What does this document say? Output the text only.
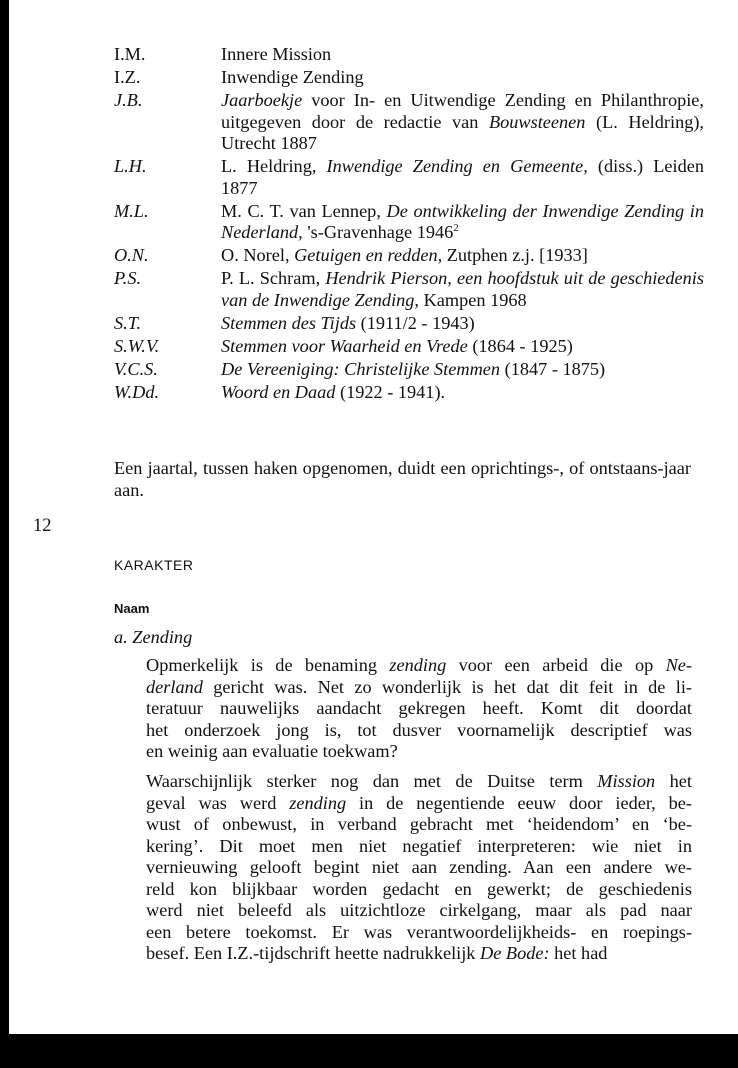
I.M.	Innere Mission
I.Z.	Inwendige Zending
J.B.	Jaarboekje voor In- en Uitwendige Zending en Philanthropie, uitgegeven door de redactie van Bouwsteenen (L. Heldring), Utrecht 1887
L.H.	L. Heldring, Inwendige Zending en Gemeente, (diss.) Leiden 1877
M.L.	M. C. T. van Lennep, De ontwikkeling der Inwendige Zending in Nederland, 's-Gravenhage 1946$^2$
O.N.	O. Norel, Getuigen en redden, Zutphen z.j. [1933]
P.S.	P. L. Schram, Hendrik Pierson, een hoofdstuk uit de geschiedenis van de Inwendige Zending, Kampen 1968
S.T.	Stemmen des Tijds (1911/2 - 1943)
S.W.V.	Stemmen voor Waarheid en Vrede (1864 - 1925)
V.C.S.	De Vereeniging: Christelijke Stemmen (1847 - 1875)
W.Dd.	Woord en Daad (1922 - 1941).
Een jaartal, tussen haken opgenomen, duidt een oprichtings-, of ontstaans-jaar aan.
12
KARAKTER
Naam
a. Zending
Opmerkelijk is de benaming zending voor een arbeid die op Ne-
derland gericht was. Net zo wonderlijk is het dat dit feit in de li-
teratuur nauwelijks aandacht gekregen heeft. Komt dit doordat
het onderzoek jong is, tot dusver voornamelijk descriptief was
en weinig aan evaluatie toekwam?
Waarschijnlijk sterker nog dan met de Duitse term Mission het
geval was werd zending in de negentiende eeuw door ieder, be-
wust of onbewust, in verband gebracht met ‘heidendom’ en ‘be-
kering’. Dit moet men niet negatief interpreteren: wie niet in
vernieuwing gelooft begint niet aan zending. Aan een andere we-
reld kon blijkbaar worden gedacht en gewerkt; de geschiedenis
werd niet beleefd als uitzichtloze cirkelgang, maar als pad naar
een betere toekomst. Er was verantwoordelijkheids- en roepings-
besef. Een I.Z.-tijdschrift heette nadrukkelijk De Bode: het had
